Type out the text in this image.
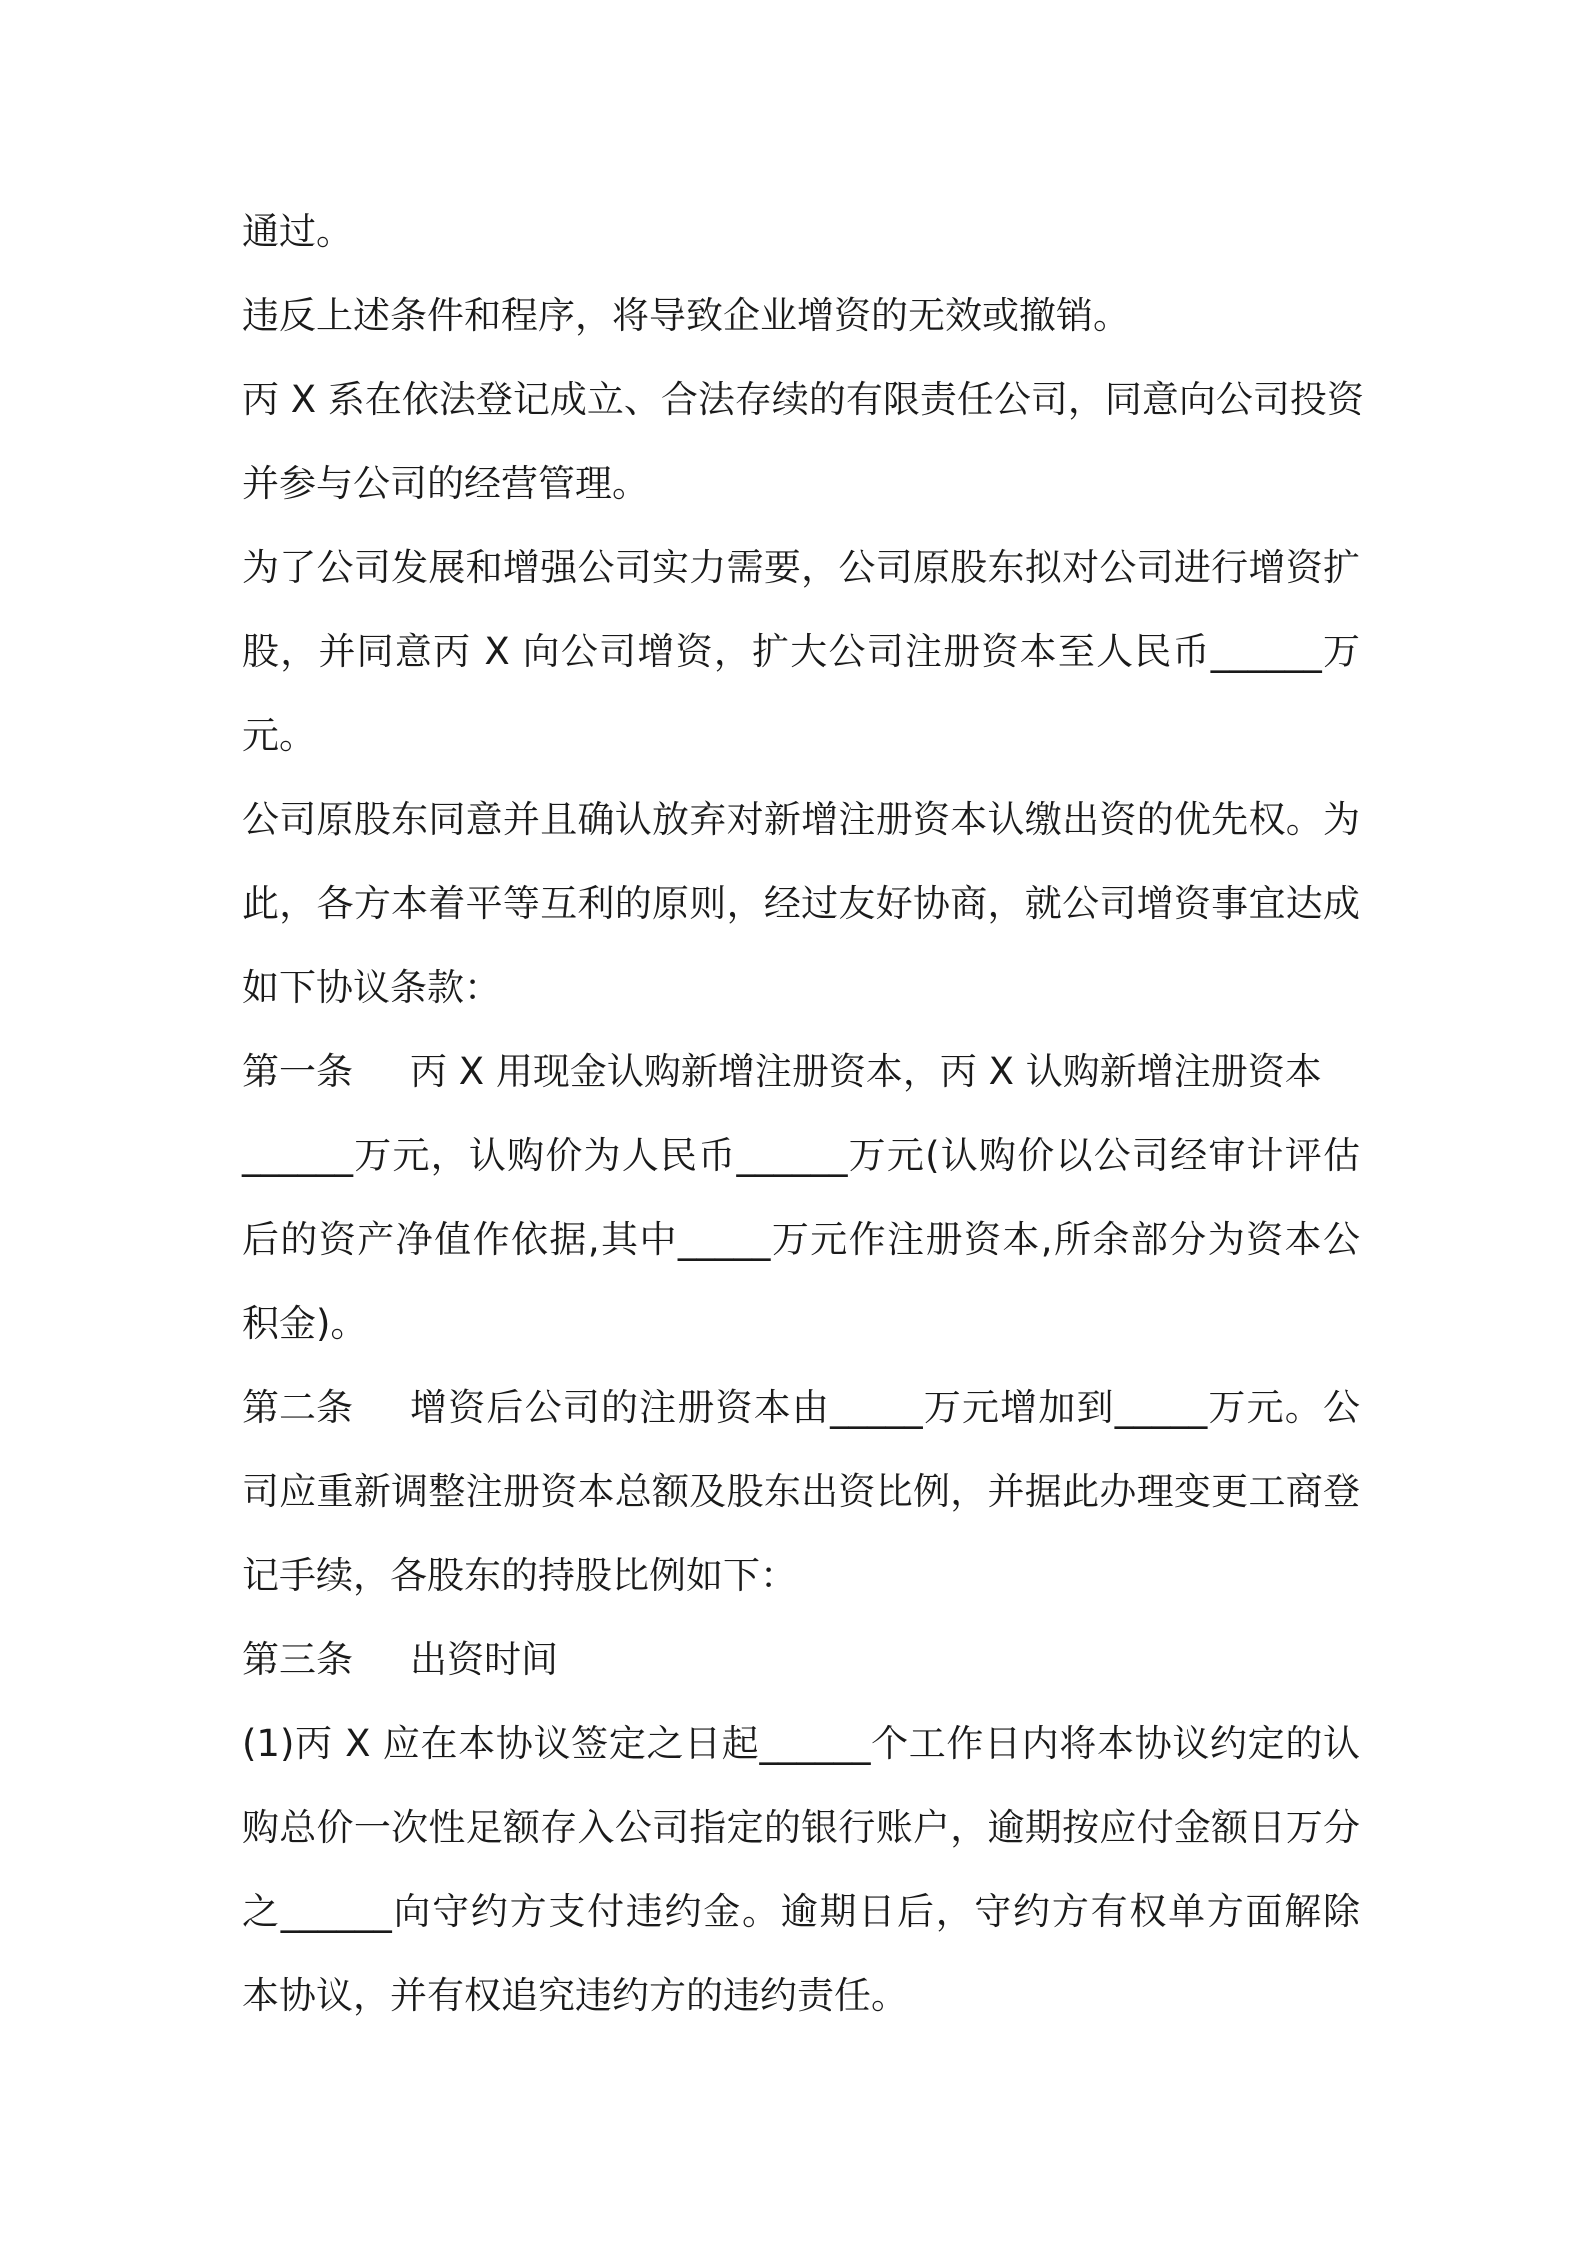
通过。
违反上述条件和程序，将导致企业增资的无效或撤销。
丙 X 系在依法登记成立、合法存续的有限责任公司，同意向公司投资
并参与公司的经营管理。
为了公司发展和增强公司实力需要，公司原股东拟对公司进行增资扩
股，并同意丙 X 向公司增资，扩大公司注册资本至人民币______万
元。
公司原股东同意并且确认放弃对新增注册资本认缴出资的优先权。为
此，各方本着平等互利的原则，经过友好协商，就公司增资事宜达成
如下协议条款：
第一条	丙 X 用现金认购新增注册资本，丙 X 认购新增注册资本
______万元，认购价为人民币______万元(认购价以公司经审计评估
后的资产净值作依据,其中_____万元作注册资本,所余部分为资本公
积金)。
第二条	增资后公司的注册资本由_____万元增加到_____万元。公
司应重新调整注册资本总额及股东出资比例，并据此办理变更工商登
记手续，各股东的持股比例如下：
第三条	出资时间
(1)丙 X 应在本协议签定之日起______个工作日内将本协议约定的认
购总价一次性足额存入公司指定的银行账户，逾期按应付金额日万分
之______向守约方支付违约金。逾期日后，守约方有权单方面解除
本协议，并有权追究违约方的违约责任。
